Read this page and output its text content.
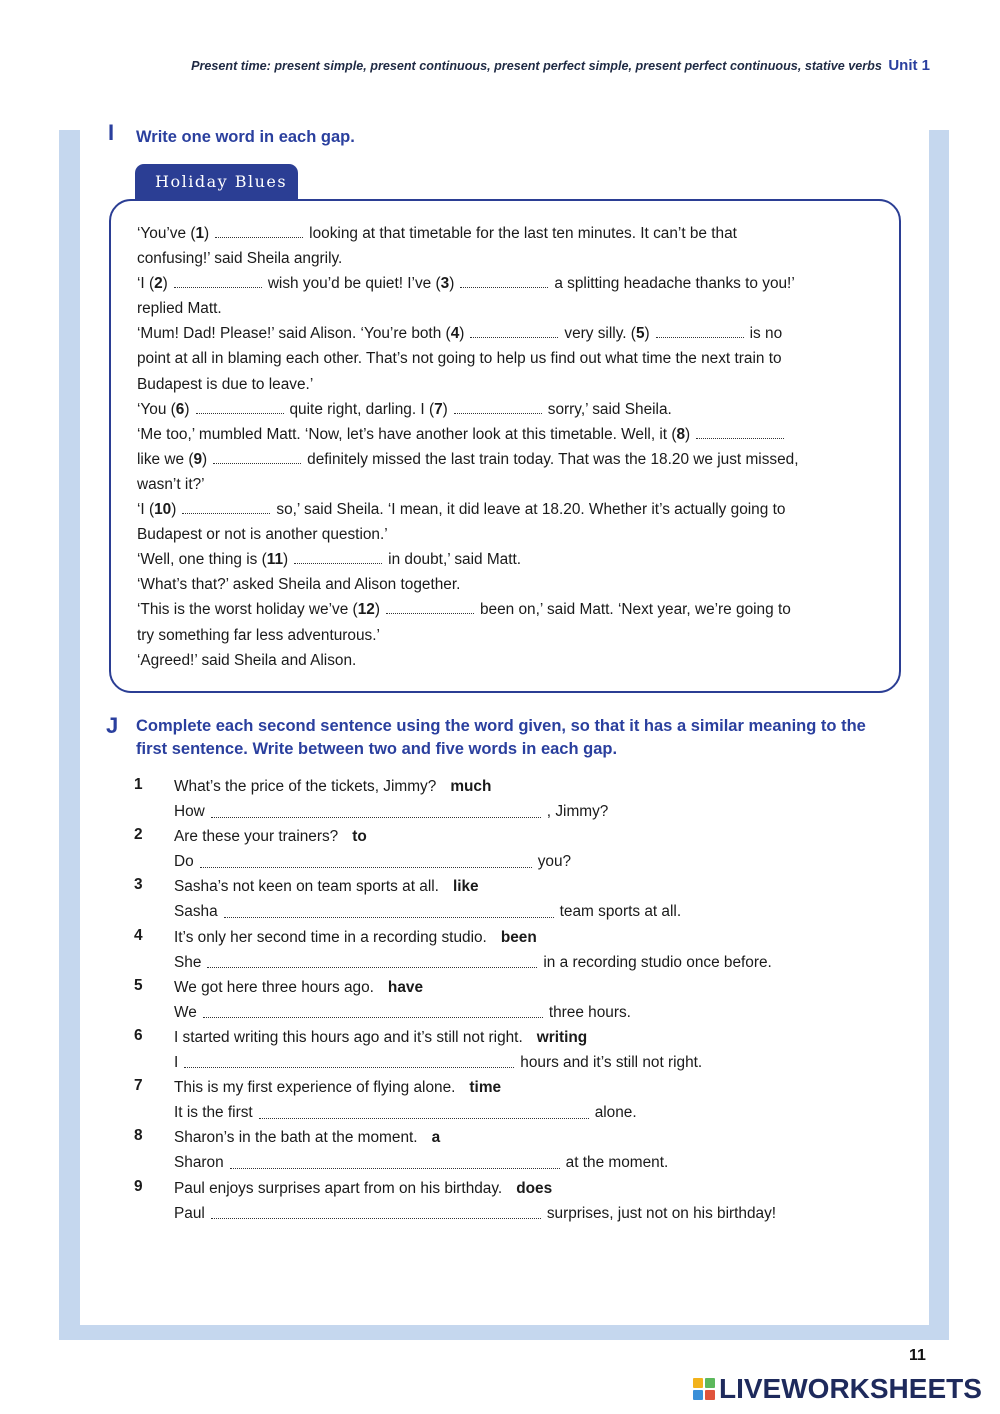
Present time: present simple, present continuous, present perfect simple, present perfect continuous, stative verbs Unit 1
I Write one word in each gap.
Holiday Blues

‘You’ve (1)	looking at that timetable for the last ten minutes. It can’t be that

confusing!’ said Sheila angrily.

‘I (2)	wish you’d be quiet! I’ve (3)	a splitting headache thanks to you!’

replied Matt.

‘Mum! Dad! Please!’ said Alison. ‘You’re both (4)	very silly. (5)	is no

point at all in blaming each other. That’s not going to help us find out what time the next train to

Budapest is due to leave.’

‘You (6)	quite right, darling. I (7)	sorry,’ said Sheila.

‘Me too,’ mumbled Matt. ‘Now, let’s have another look at this timetable. Well, it (8)

like we (9)	definitely missed the last train today. That was the 18.20 we just missed,

wasn’t it?’

‘I (10)	so,’ said Sheila. ‘I mean, it did leave at 18.20. Whether it’s actually going to

Budapest or not is another question.’

‘Well, one thing is (11)	in doubt,’ said Matt.

‘What’s that?’ asked Sheila and Alison together.

‘This is the worst holiday we’ve (12)	been on,’ said Matt. ‘Next year, we’re going to

try something far less adventurous.’

‘Agreed!’ said Sheila and Alison.

J Complete each second sentence using the word given, so that it has a similar meaning to the
first sentence. Write between two and five words in each gap.
1	What’s the price of the tickets, Jimmy? much
How	, Jimmy?
2	Are these your trainers? to
Do	you?
3	Sasha’s not keen on team sports at all. like
Sasha	team sports at all.
4	It’s only her second time in a recording studio. been
She	in a recording studio once before.
5	We got here three hours ago. have
We	three hours.
6	I started writing this hours ago and it’s still not right. writing
I	hours and it’s still not right.
7	This is my first experience of flying alone. time
It is the first	alone.
8	Sharon’s in the bath at the moment. a
Sharon	at the moment.
9	Paul enjoys surprises apart from on his birthday. does
Paul	surprises, just not on his birthday!
11
LIVEWORKSHEETS
